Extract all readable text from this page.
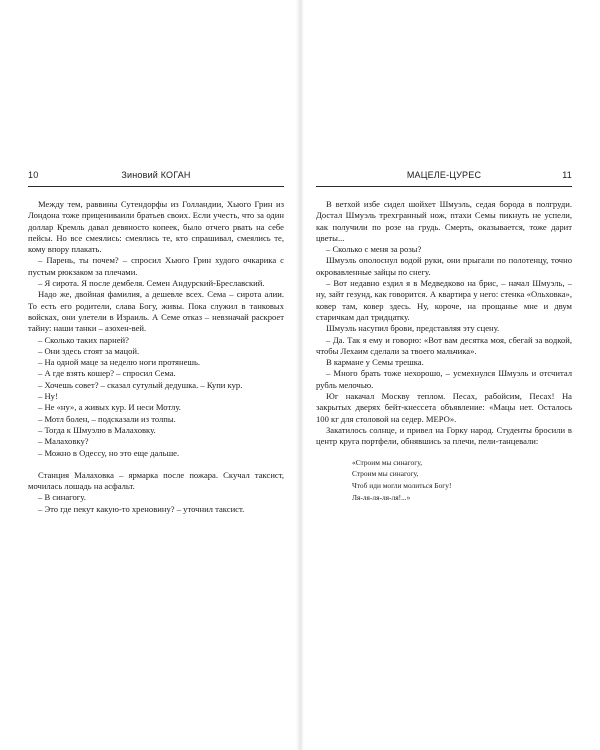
10	Зиновий КОГАН

Между тем, раввины Сутендорфы из Голландии, Хьюго Грин из Лондона тоже прицениваили братьев своих. Если учесть, что за один доллар Кремль давал девяносто копеек, было отчего рвать на себе пейсы. Но все смеялись: смеялись те, кто спрашивал, смеялись те, кому впору плакать.

– Парень, ты почем? – спросил Хьюго Грин худого очкарика с пустым рюкзаком за плечами.

– Я сирота. Я после дембеля. Семен Андурский-Бреславский.

Надо же, двойная фамилия, а дешевле всех. Сема – сирота алии. То есть его родители, слава Богу, живы. Пока служил в танковых войсках, они улетели в Израиль. А Семе отказ – невзначай раскроет тайну: наши танки – азохен-вей.

– Сколько таких парней?

– Они здесь стоят за мацой.

– На одной маце за неделю ноги протянешь.

– А где взять кошер? – спросил Сема.

– Хочешь совет? – сказал сутулый дедушка. – Купи кур.

– Ну!

– Не «ну», а живых кур. И неси Мотлу.

– Мотл болен, – подсказали из толпы.

– Тогда к Шмуэлю в Малаховку.

– Малаховку?

– Можно в Одессу, но это еще дальше.

Станция Малаховка – ярмарка после пожара. Скучал таксист, мочилась лошадь на асфальт.

– В синагогу.

– Это где пекут какую-то хреновину? – уточнил таксист.

МАЦЕЛЕ-ЦУРЕС	11

В ветхой избе сидел шойхет Шмуэль, седая борода в полгруди. Достал Шмуэль трехгранный нож, птахи Семы пикнуть не успели, как получили по розе на грудь. Смерть, оказывается, тоже дарит цветы...

– Сколько с меня за розы?

Шмуэль ополоснул водой руки, они прыгали по полотенцу, точно окровавленные зайцы по снегу.

– Вот недавно ездил я в Медведково на брис, – начал Шмуэль, – ну, зайт гезунд, как говорится. А квартира у него: стенка «Ольховка», ковер там, ковер здесь. Ну, короче, на прощанье мне и двум старичкам дал тридцатку.

Шмуэль насупил брови, представляя эту сцену.

– Да. Так я ему и говорю: «Вот вам десятка моя, сбегай за водкой, чтобы Лехаим сделали за твоего мальчика».

В кармане у Семы трешка.

– Много брать тоже нехорошо, – усмехнулся Шмуэль и отсчитал рубль мелочью.

Юг накачал Москву теплом. Песах, рабойсим, Песах! На закрытых дверях бейт-кнессета объявление: «Мацы нет. Осталось 100 кг для столовой на седер. МЕРО».

Закатилось солнце, и привел на Горку народ. Студенты бросили в центр круга портфели, обнявшись за плечи, пели-танцевали:

«Строим мы синагогу,
Строим мы синагогу,
Чтоб иди могли молиться Богу!
Ля-ля-ля-ля-ля!...»
